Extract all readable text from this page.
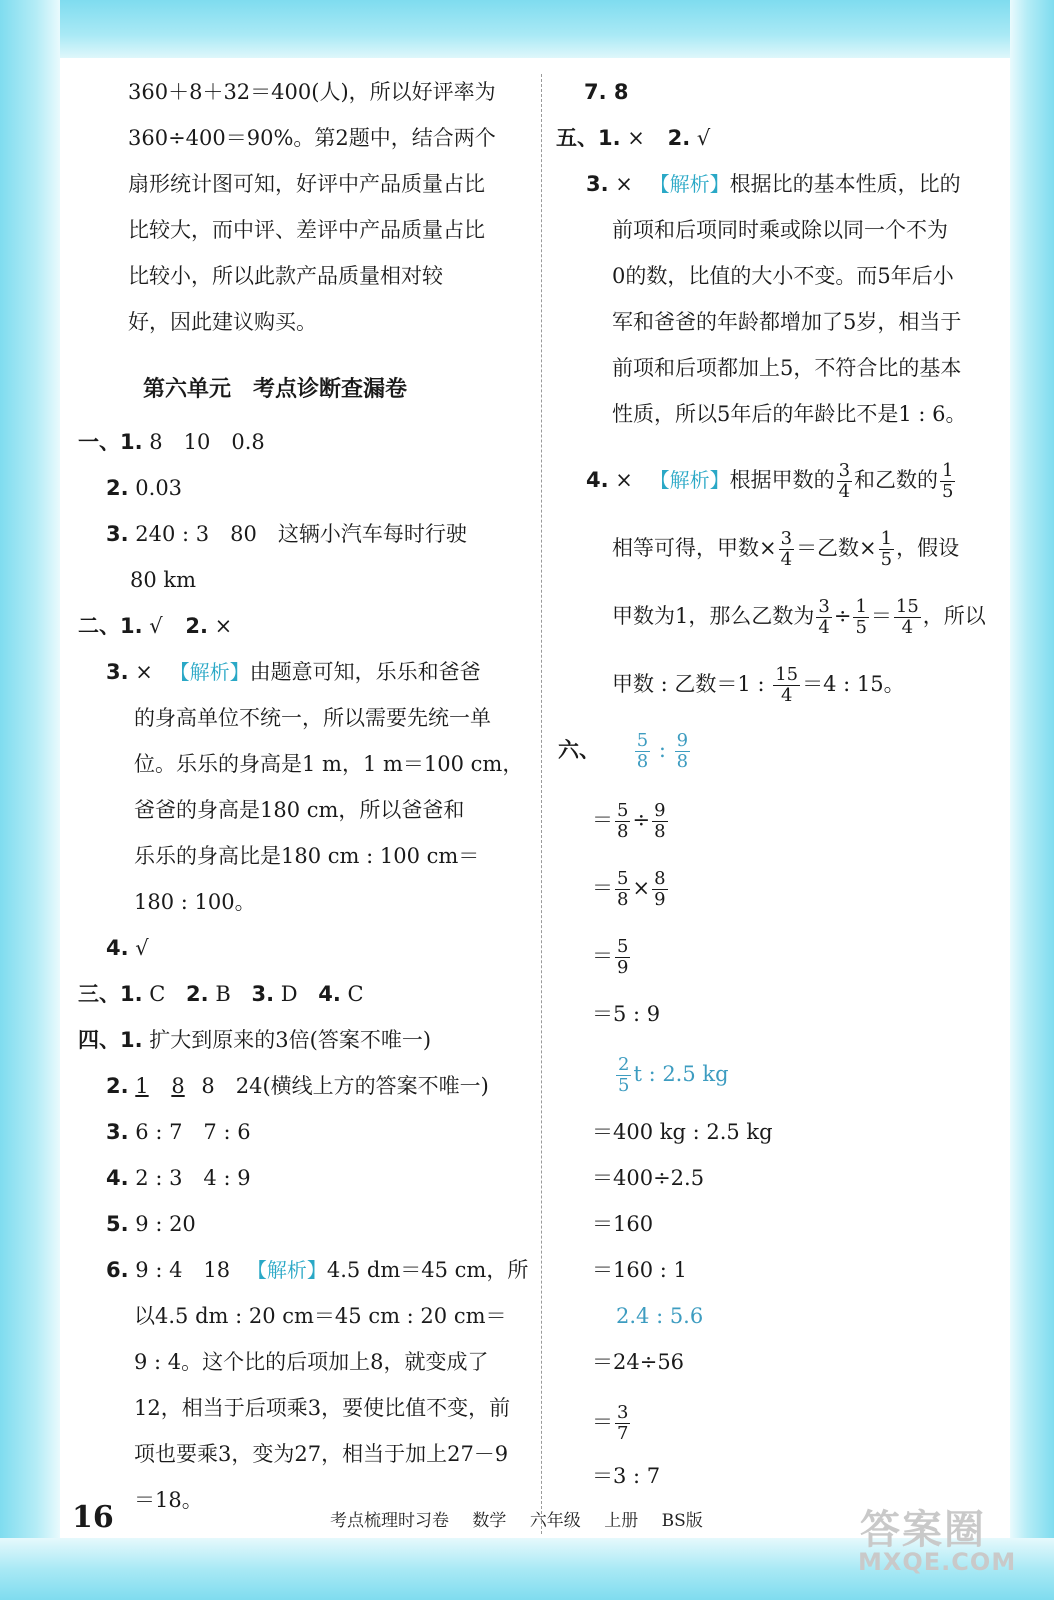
360＋8＋32＝400(人)，所以好评率为
360÷400＝90%。第2题中，结合两个
扇形统计图可知，好评中产品质量占比
比较大，而中评、差评中产品质量占比
比较小，所以此款产品质量相对较
好，因此建议购买。
第六单元　考点诊断查漏卷
一、1. 8　10　0.8
2. 0.03
3. 240 : 3　80　这辆小汽车每时行驶
80 km
二、1. √ 2. ×
3. × 【解析】由题意可知，乐乐和爸爸
的身高单位不统一，所以需要先统一单
位。乐乐的身高是1 m，1 m＝100 cm，
爸爸的身高是180 cm，所以爸爸和
乐乐的身高比是180 cm : 100 cm＝
180 : 100。
4. √
三、1. C 2. B 3. D 4. C
四、1. 扩大到原来的3倍(答案不唯一)
2. 1 8 8　24(横线上方的答案不唯一)
3. 6 : 7　7 : 6
4. 2 : 3　4 : 9
5. 9 : 20
6. 9 : 4　18 【解析】4.5 dm＝45 cm，所
以4.5 dm : 20 cm＝45 cm : 20 cm＝
9 : 4。这个比的后项加上8，就变成了
12，相当于后项乘3，要使比值不变，前
项也要乘3，变为27，相当于加上27－9
＝18。
7. 8
五、1. × 2. √
3. × 【解析】根据比的基本性质，比的
前项和后项同时乘或除以同一个不为
0的数，比值的大小不变。而5年后小
军和爸爸的年龄都增加了5岁，相当于
前项和后项都加上5，不符合比的基本
性质，所以5年后的年龄比不是1 : 6。
4. × 【解析】根据甲数的 $\frac{3}{4}$ 和乙数的 $\frac{1}{5}$
相等可得，甲数× $\frac{3}{4}$ ＝乙数× $\frac{1}{5}$ ，假设
甲数为1，那么乙数为 $\frac{3}{4} \div \frac{1}{5} = \frac{15}{4}$ ，所以
甲数 : 乙数＝1 : $\frac{15}{4} =4$ : 15。
六、 $\frac{5}{8}$ : $\frac{9}{8}$
＝ $\frac{5}{8} \div \frac{9}{8}$
＝ $\frac{5}{8} \times \frac{8}{9}$
＝ $\frac{5}{9}$
＝5 : 9
$\frac{2}{5}$ t : 2.5 kg
＝400 kg : 2.5 kg
＝400÷2.5
＝160
＝160 : 1
2.4 : 5.6
＝24÷56
＝ $\frac{3}{7}$
＝3 : 7
16	考点梳理时习卷 数学 六年级 上册 BS版	答案圈
MXQE.COM
